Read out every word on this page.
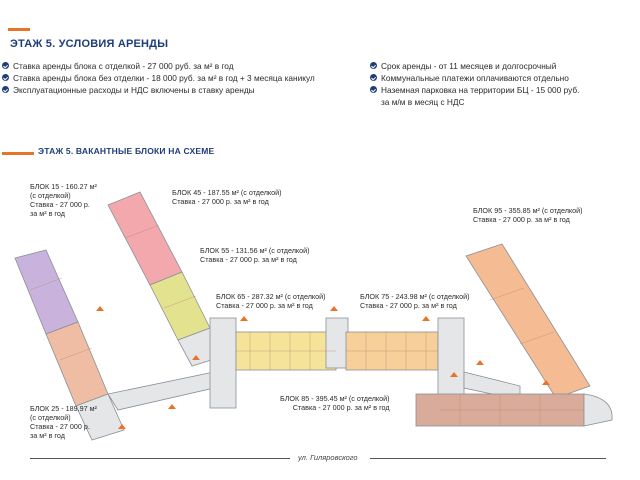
ЭТАЖ 5. УСЛОВИЯ АРЕНДЫ
Ставка аренды блока с отделкой - 27 000 руб. за м² в год
Ставка аренды блока без отделки - 18 000 руб. за м² в год + 3 месяца каникул
Эксплуатационные расходы и НДС включены в ставку аренды
Срок аренды - от 11 месяцев и долгосрочный
Коммунальные платежи оплачиваются отдельно
Наземная парковка на территории БЦ - 15 000 руб.
за м/м в месяц с НДС
ЭТАЖ 5. ВАКАНТНЫЕ БЛОКИ НА СХЕМЕ
БЛОК 15 - 160.27 м²
(с отделкой)
Ставка - 27 000 р.
за м² в год
БЛОК 45 - 187.55 м² (с отделкой)
Ставка - 27 000 р. за м² в год
БЛОК 55 - 131.56 м² (с отделкой)
Ставка - 27 000 р. за м² в год
БЛОК 65 - 287.32 м² (с отделкой)
Ставка - 27 000 р. за м² в год
БЛОК 75 - 243.98 м² (с отделкой)
Ставка - 27 000 р. за м² в год
БЛОК 95 - 355.85 м² (с отделкой)
Ставка - 27 000 р. за м² в год
БЛОК 85 - 395.45 м² (с отделкой)
Ставка - 27 000 р. за м² в год
БЛОК 25 - 189.97 м²
(с отделкой)
Ставка - 27 000 р.
за м² в год
ул. Гиляровского
